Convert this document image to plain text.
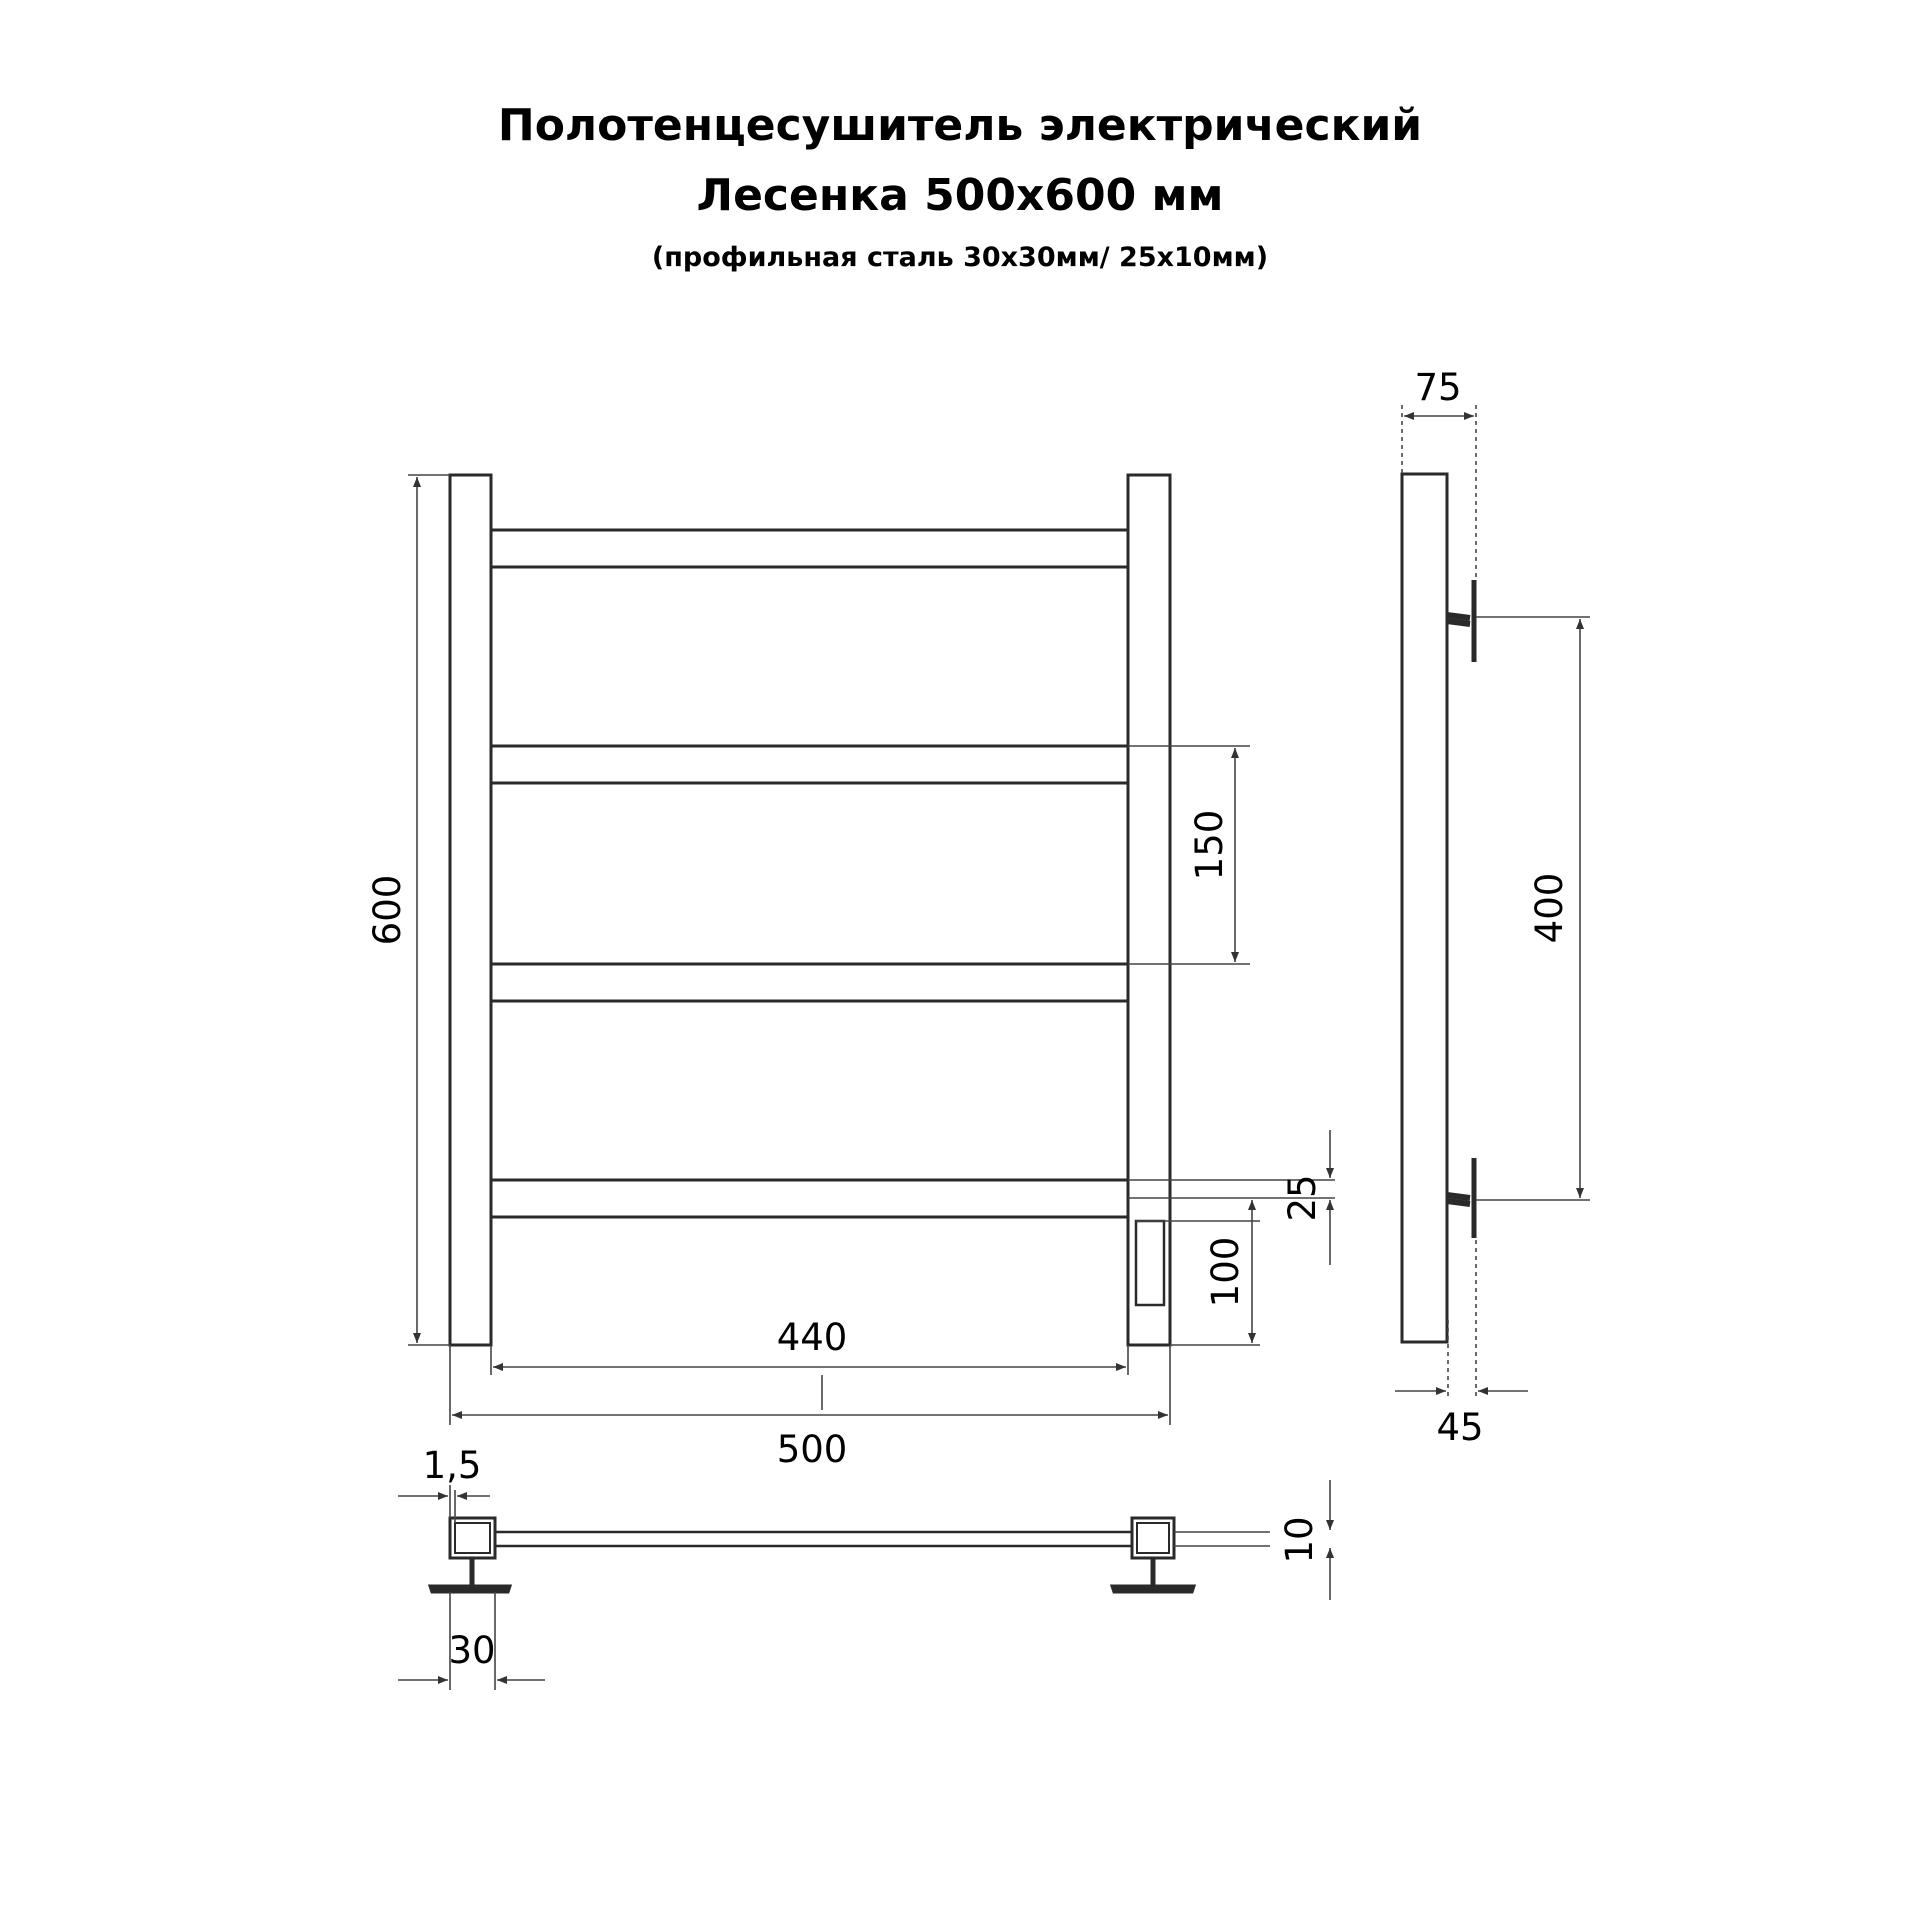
Полотенцесушитель электрический

Лесенка 500х600 мм

(профильная сталь 30х30мм/ 25х10мм)

600
150
25
100
440
500
400
75
45
1,5
30
10
